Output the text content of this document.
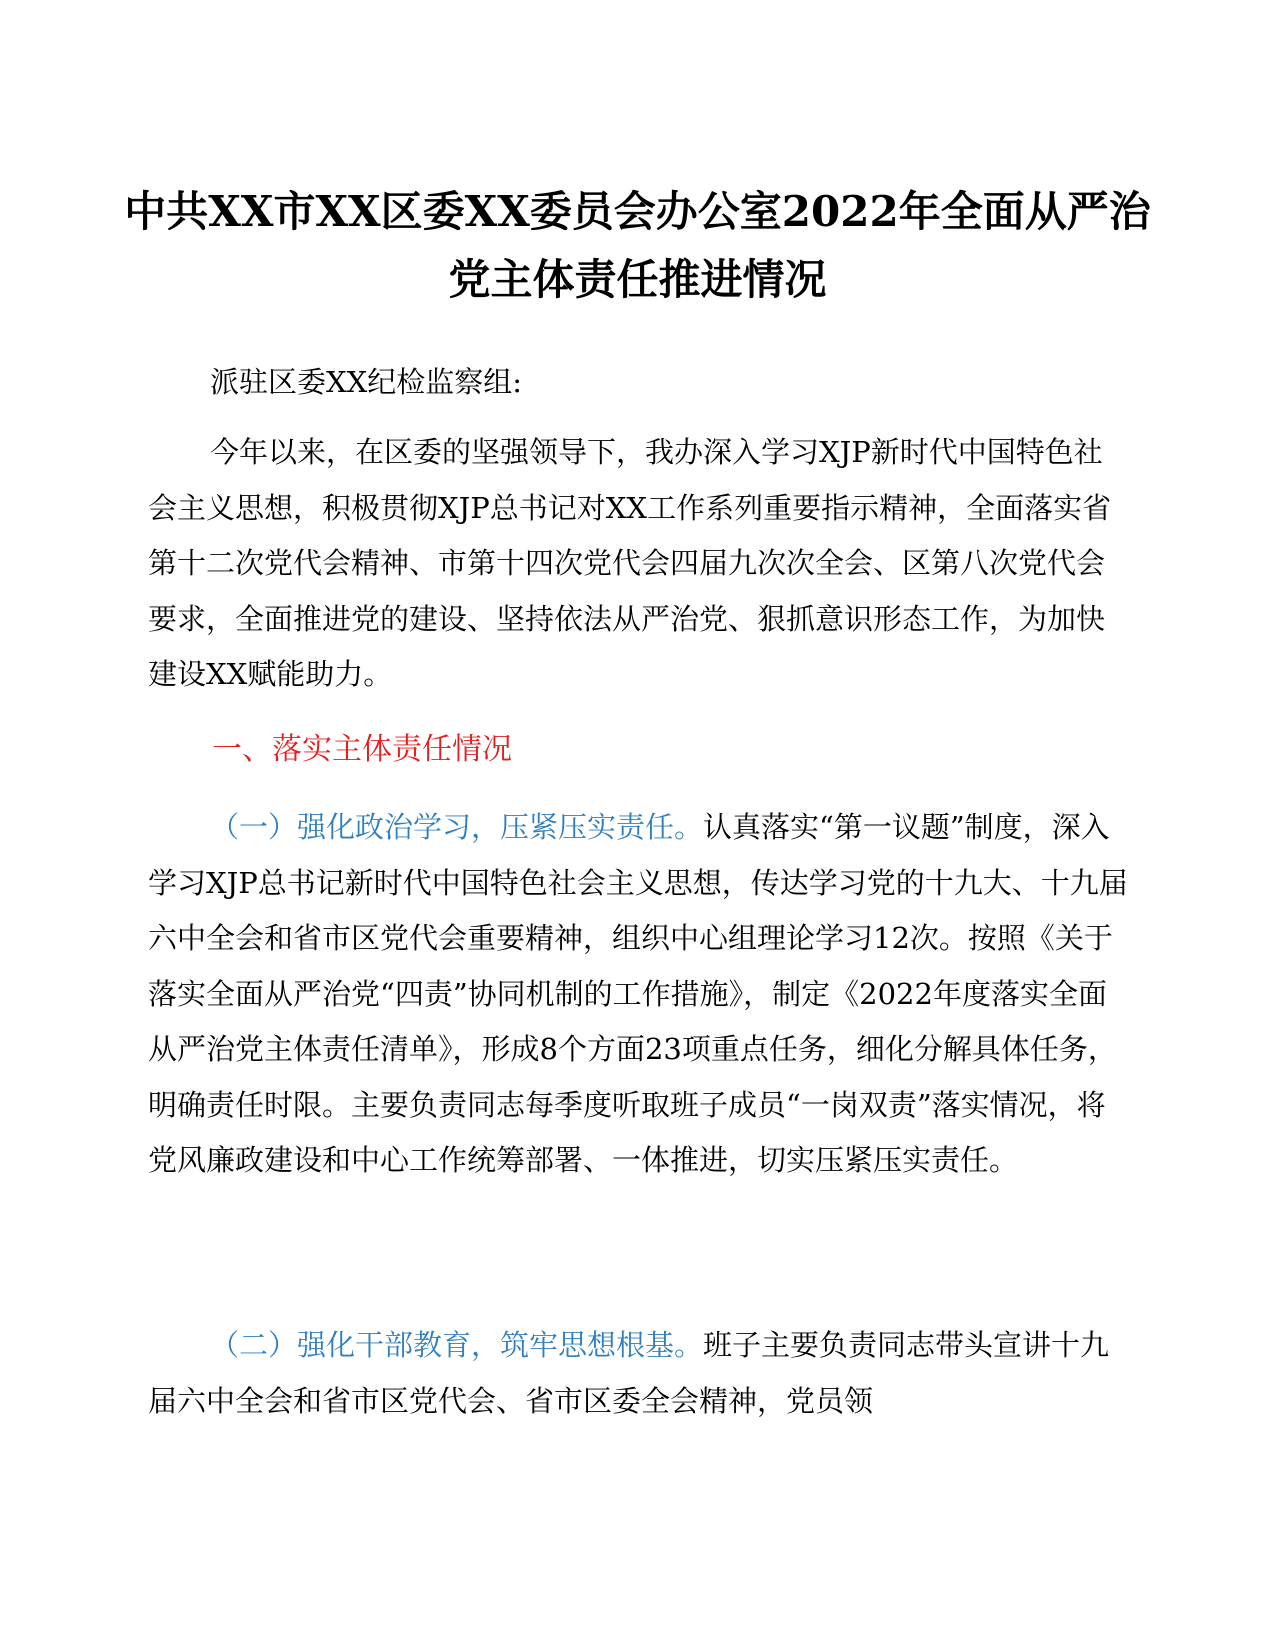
中共XX市XX区委XX委员会办公室2022年全面从严治党主体责任推进情况
派驻区委XX纪检监察组:
今年以来，在区委的坚强领导下，我办深入学习XJP新时代中国特色社会主义思想，积极贯彻XJP总书记对XX工作系列重要指示精神，全面落实省第十二次党代会精神、市第十四次党代会四届九次次全会、区第八次党代会要求，全面推进党的建设、坚持依法从严治党、狠抓意识形态工作，为加快建设XX赋能助力。
一、落实主体责任情况
（一）强化政治学习，压紧压实责任。认真落实“第一议题”制度，深入学习XJP总书记新时代中国特色社会主义思想，传达学习党的十九大、十九届六中全会和省市区党代会重要精神，组织中心组理论学习12次。按照《关于落实全面从严治党“四责”协同机制的工作措施》，制定《2022年度落实全面从严治党主体责任清单》，形成8个方面23项重点任务，细化分解具体任务，明确责任时限。主要负责同志每季度听取班子成员“一岗双责”落实情况，将党风廉政建设和中心工作统筹部署、一体推进，切实压紧压实责任。
（二）强化干部教育，筑牢思想根基。班子主要负责同志带头宣讲十九届六中全会和省市区党代会、省市区委全会精神，党员领
